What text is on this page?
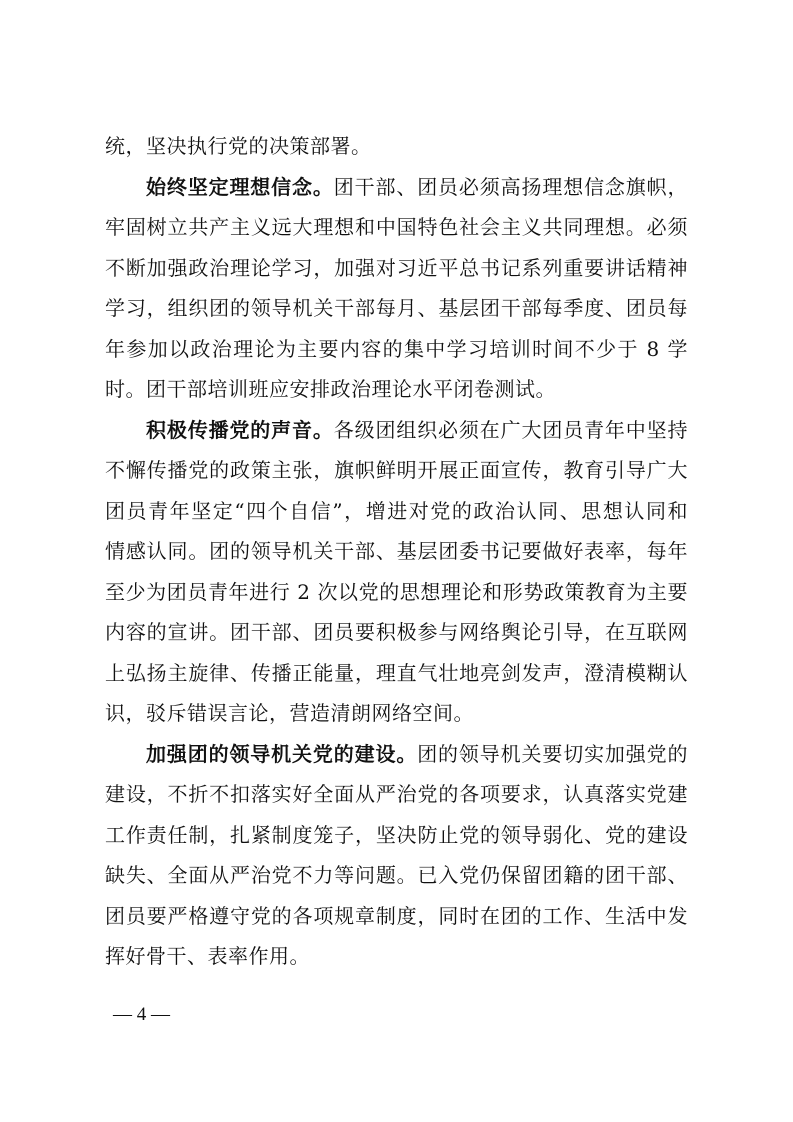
统，坚决执行党的决策部署。
始终坚定理想信念。团干部、团员必须高扬理想信念旗帜，
牢固树立共产主义远大理想和中国特色社会主义共同理想。必须
不断加强政治理论学习，加强对习近平总书记系列重要讲话精神
学习，组织团的领导机关干部每月、基层团干部每季度、团员每
年参加以政治理论为主要内容的集中学习培训时间不少于 8 学
时。团干部培训班应安排政治理论水平闭卷测试。
积极传播党的声音。各级团组织必须在广大团员青年中坚持
不懈传播党的政策主张，旗帜鲜明开展正面宣传，教育引导广大
团员青年坚定“四个自信”，增进对党的政治认同、思想认同和
情感认同。团的领导机关干部、基层团委书记要做好表率，每年
至少为团员青年进行 2 次以党的思想理论和形势政策教育为主要
内容的宣讲。团干部、团员要积极参与网络舆论引导，在互联网
上弘扬主旋律、传播正能量，理直气壮地亮剑发声，澄清模糊认
识，驳斥错误言论，营造清朗网络空间。
加强团的领导机关党的建设。团的领导机关要切实加强党的
建设，不折不扣落实好全面从严治党的各项要求，认真落实党建
工作责任制，扎紧制度笼子，坚决防止党的领导弱化、党的建设
缺失、全面从严治党不力等问题。已入党仍保留团籍的团干部、
团员要严格遵守党的各项规章制度，同时在团的工作、生活中发
挥好骨干、表率作用。
— 4 —
